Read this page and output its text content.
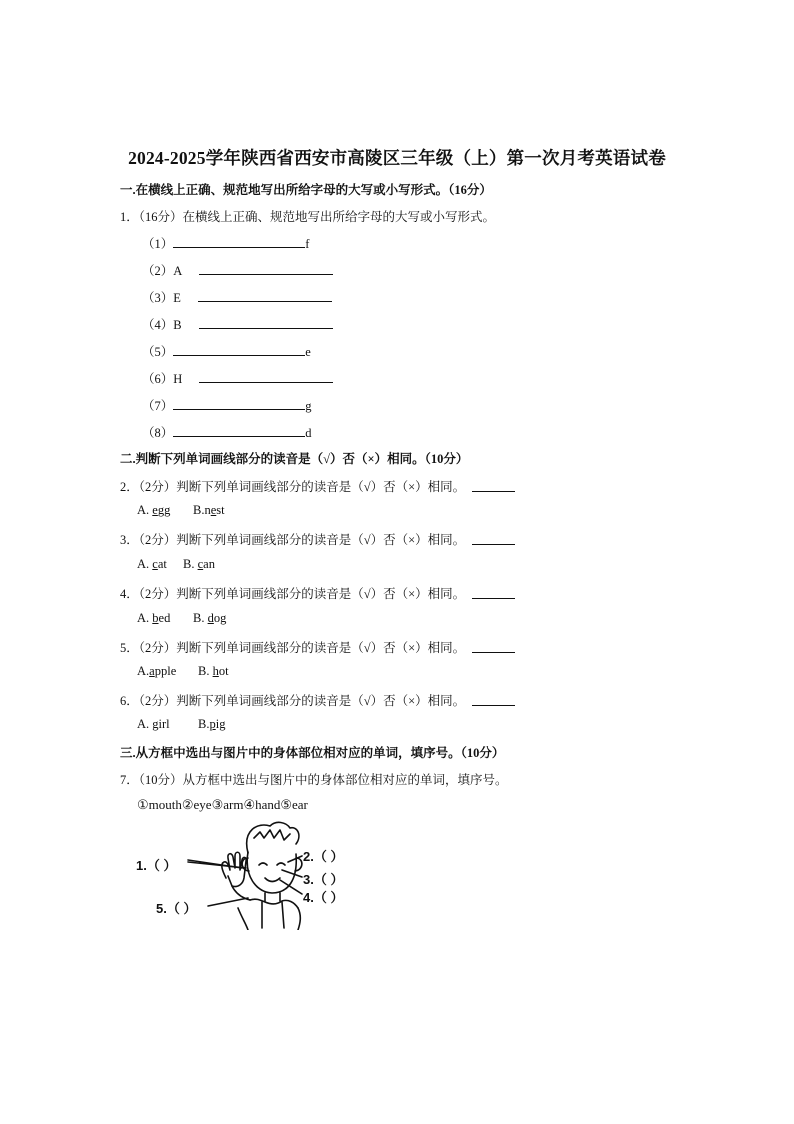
2024-2025学年陕西省西安市高陵区三年级（上）第一次月考英语试卷
一.在横线上正确、规范地写出所给字母的大写或小写形式。（16分）
1．（16分）在横线上正确、规范地写出所给字母的大写或小写形式。
（1）	f
（2）A
（3）E
（4）B
（5）	e
（6）H
（7）	g
（8）	d
二.判断下列单词画线部分的读音是（√）否（×）相同。（10分）
2．（2分）判断下列单词画线部分的读音是（√）否（×）相同。
A. egg B.nest
3．（2分）判断下列单词画线部分的读音是（√）否（×）相同。
A. cat B. can
4．（2分）判断下列单词画线部分的读音是（√）否（×）相同。
A. bed B. dog
5．（2分）判断下列单词画线部分的读音是（√）否（×）相同。
A.apple B. hot
6．（2分）判断下列单词画线部分的读音是（√）否（×）相同。
A. girl B.pig
三.从方框中选出与图片中的身体部位相对应的单词，填序号。（10分）
7．（10分）从方框中选出与图片中的身体部位相对应的单词，填序号。
①mouth②eye③arm④hand⑤ear
1.（ ）
2.（ ）
3.（ ）
4.（ ）
5.（ ）
